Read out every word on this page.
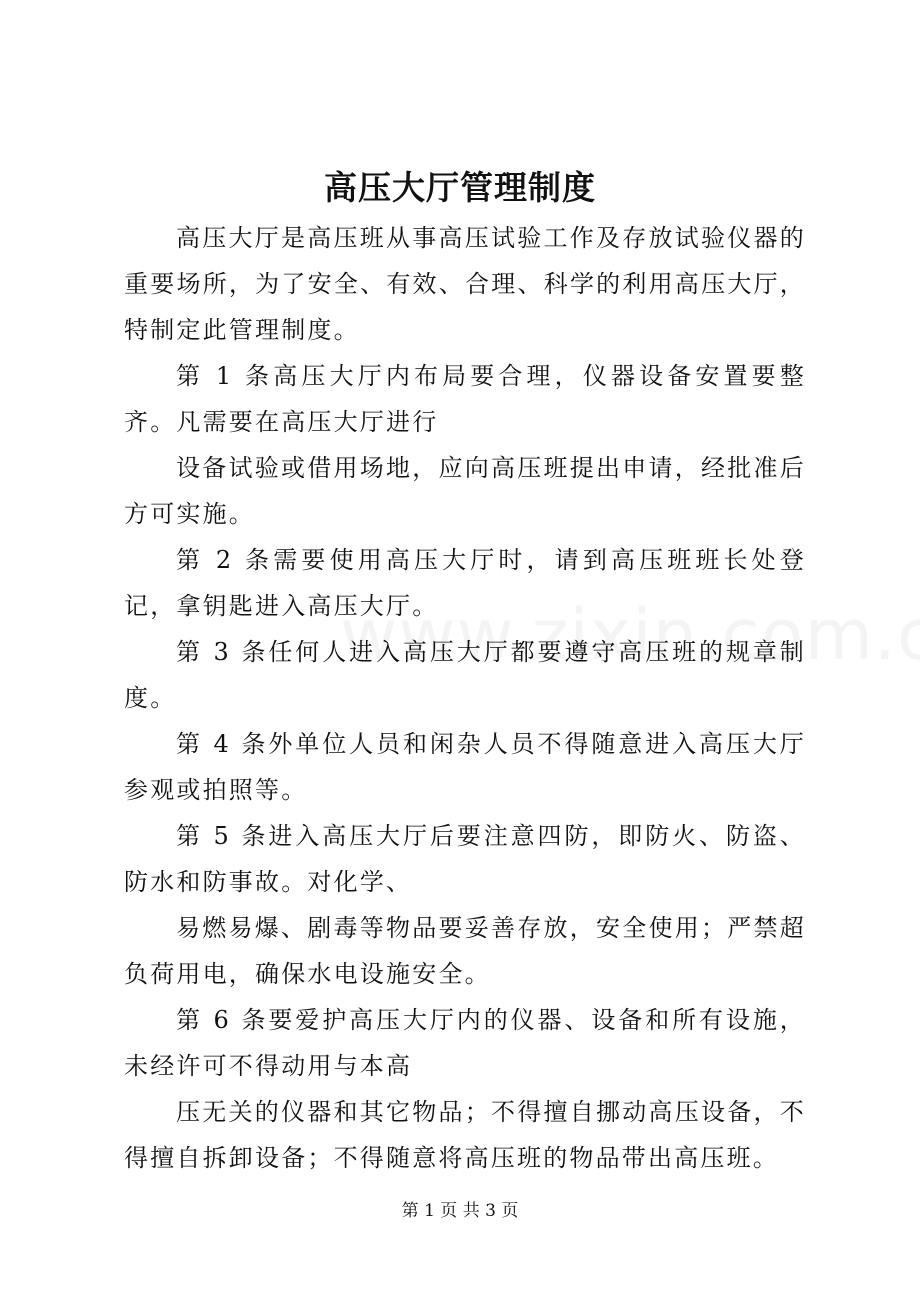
高压大厅管理制度

高压大厅是高压班从事高压试验工作及存放试验仪器的重要场所，为了安全、有效、合理、科学的利用高压大厅，特制定此管理制度。

第 1 条高压大厅内布局要合理，仪器设备安置要整齐。凡需要在高压大厅进行

设备试验或借用场地，应向高压班提出申请，经批准后方可实施。

第 2 条需要使用高压大厅时，请到高压班班长处登记，拿钥匙进入高压大厅。

第 3 条任何人进入高压大厅都要遵守高压班的规章制度。

第 4 条外单位人员和闲杂人员不得随意进入高压大厅参观或拍照等。

第 5 条进入高压大厅后要注意四防，即防火、防盗、防水和防事故。对化学、

易燃易爆、剧毒等物品要妥善存放，安全使用；严禁超负荷用电，确保水电设施安全。

第 6 条要爱护高压大厅内的仪器、设备和所有设施，未经许可不得动用与本高

压无关的仪器和其它物品；不得擅自挪动高压设备，不得擅自拆卸设备；不得随意将高压班的物品带出高压班。

第 1 页 共 3 页
